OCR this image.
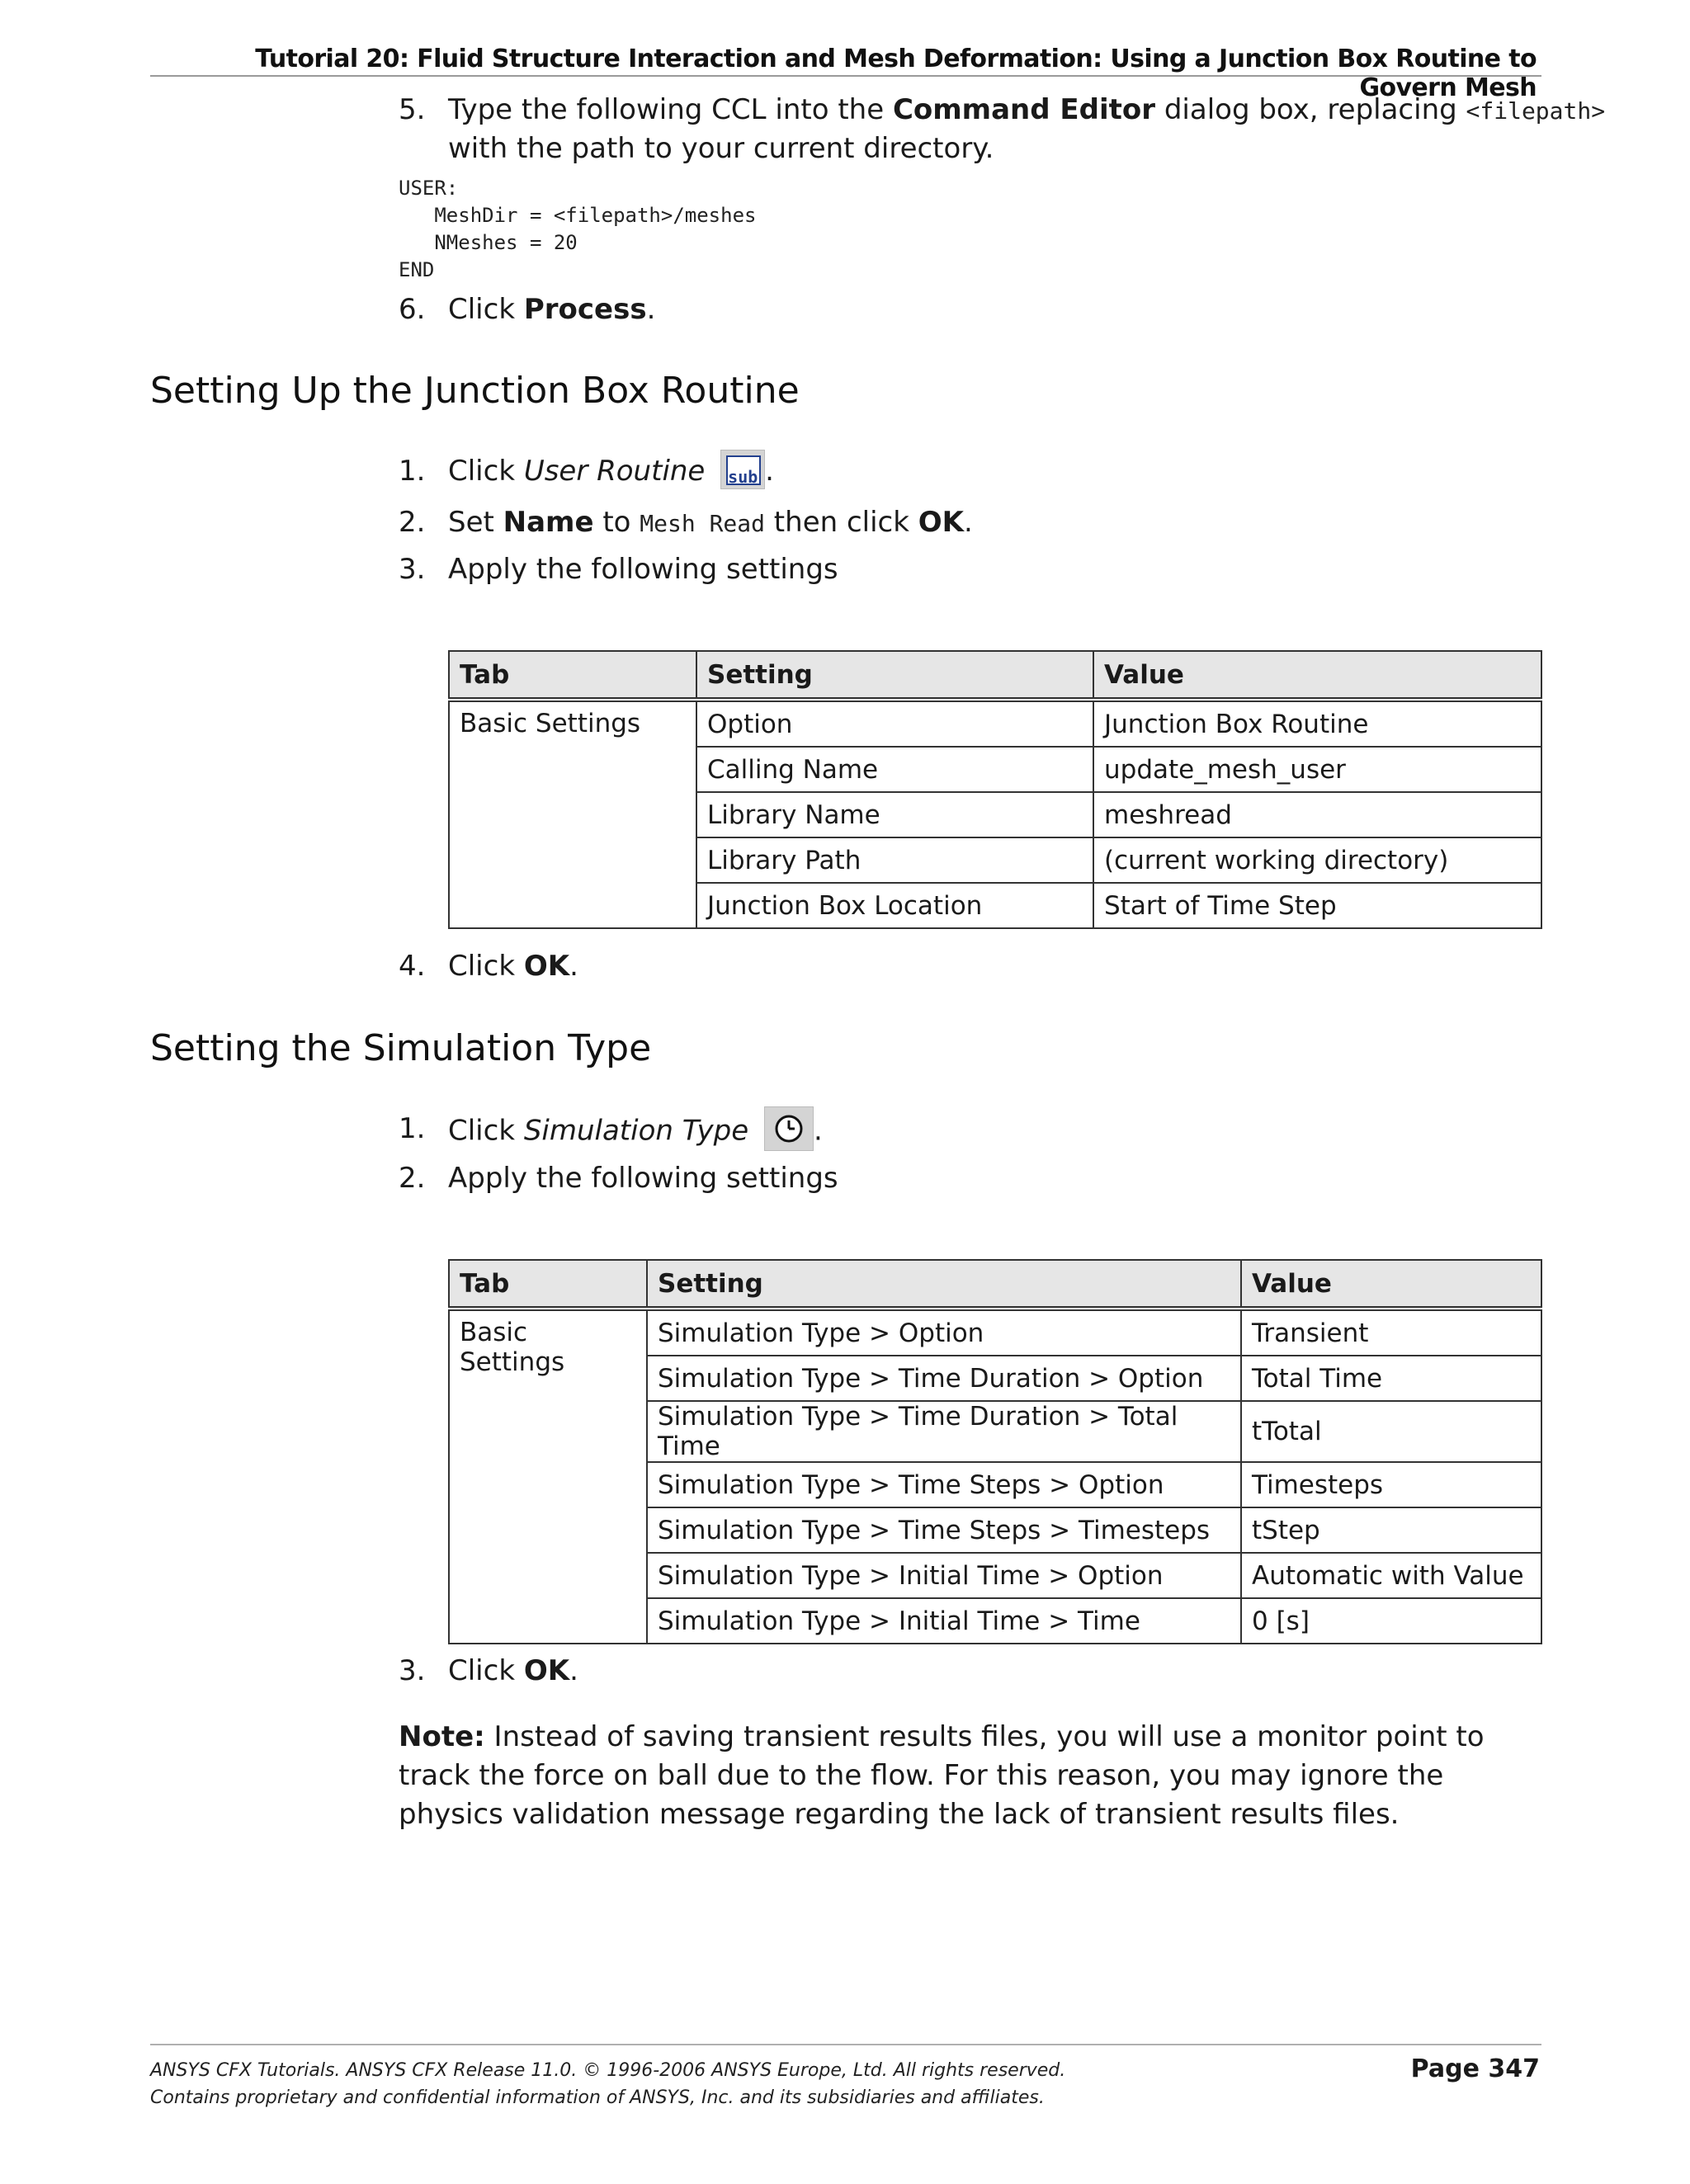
Tutorial 20: Fluid Structure Interaction and Mesh Deformation: Using a Junction Box Routine to Govern Mesh
5. Type the following CCL into the Command Editor dialog box, replacing <filepath>
with the path to your current directory.
USER:
MeshDir = <filepath>/meshes
NMeshes = 20
END
6. Click Process.
Setting Up the Junction Box Routine
1. Click User Routine sub .
2. Set Name to Mesh Read then click OK.
3. Apply the following settings
Tab	Setting	Value
Basic Settings	Option	Junction Box Routine
	Calling Name	update_mesh_user
	Library Name	meshread
	Library Path	(current working directory)
	Junction Box Location	Start of Time Step
4. Click OK.
Setting the Simulation Type
1. Click Simulation Type .
2. Apply the following settings
Tab	Setting	Value
Basic Settings	Simulation Type > Option	Transient
	Simulation Type > Time Duration > Option	Total Time
	Simulation Type > Time Duration > Total Time	tTotal
	Simulation Type > Time Steps > Option	Timesteps
	Simulation Type > Time Steps > Timesteps	tStep
	Simulation Type > Initial Time > Option	Automatic with Value
	Simulation Type > Initial Time > Time	0 [s]
3. Click OK.
Note: Instead of saving transient results files, you will use a monitor point to track the force on ball due to the flow. For this reason, you may ignore the physics validation message regarding the lack of transient results files.
ANSYS CFX Tutorials. ANSYS CFX Release 11.0. © 1996-2006 ANSYS Europe, Ltd. All rights reserved.
Contains proprietary and confidential information of ANSYS, Inc. and its subsidiaries and affiliates.
Page 347
